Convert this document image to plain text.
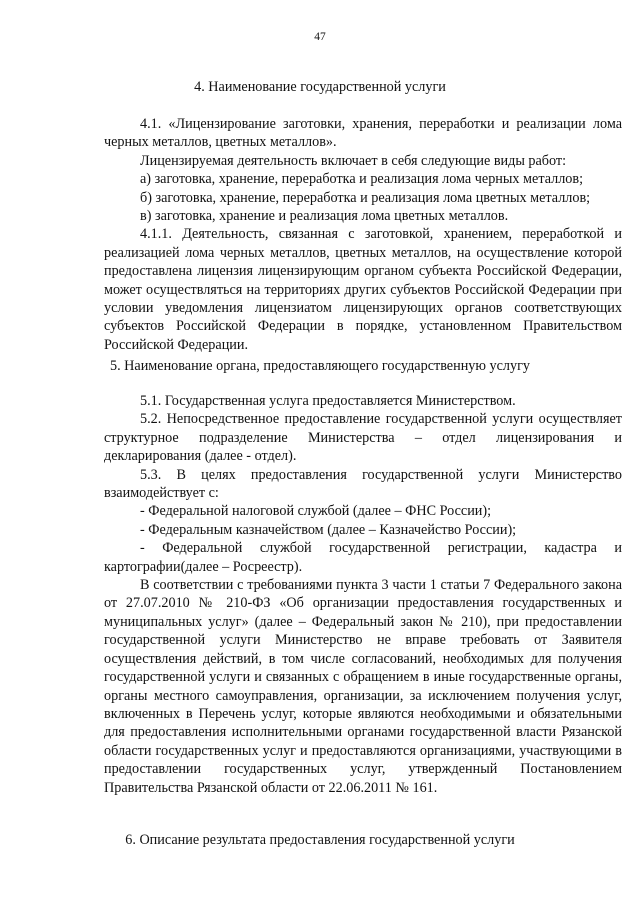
47
4. Наименование государственной услуги

4.1. «Лицензирование заготовки, хранения, переработки и реализации лома черных металлов, цветных металлов».

Лицензируемая деятельность включает в себя следующие виды работ:

а) заготовка, хранение, переработка и реализация лома черных металлов;

б) заготовка, хранение, переработка и реализация лома цветных металлов;

в) заготовка, хранение и реализация лома цветных металлов.

4.1.1. Деятельность, связанная с заготовкой, хранением, переработкой и реализацией лома черных металлов, цветных металлов, на осуществление которой предоставлена лицензия лицензирующим органом субъекта Российской Федерации, может осуществляться на территориях других субъектов Российской Федерации при условии уведомления лицензиатом лицензирующих органов соответствующих субъектов Российской Федерации в порядке, установленном Правительством Российской Федерации.

5. Наименование органа, предоставляющего государственную услугу

5.1. Государственная услуга предоставляется Министерством.

5.2. Непосредственное предоставление государственной услуги осуществляет структурное подразделение Министерства – отдел лицензирования и декларирования (далее - отдел).

5.3. В целях предоставления государственной услуги Министерство взаимодействует с:

- Федеральной налоговой службой (далее – ФНС России);

- Федеральным казначейством (далее – Казначейство России);

- Федеральной службой государственной регистрации, кадастра и картографии(далее – Росреестр).

В соответствии с требованиями пункта 3 части 1 статьи 7 Федерального закона от 27.07.2010 № 210-ФЗ «Об организации предоставления государственных и муниципальных услуг» (далее – Федеральный закон № 210), при предоставлении государственной услуги Министерство не вправе требовать от Заявителя осуществления действий, в том числе согласований, необходимых для получения государственной услуги и связанных с обращением в иные государственные органы, органы местного самоуправления, организации, за исключением получения услуг, включенных в Перечень услуг, которые являются необходимыми и обязательными для предоставления исполнительными органами государственной власти Рязанской области государственных услуг и предоставляются организациями, участвующими в предоставлении государственных услуг, утвержденный Постановлением Правительства Рязанской области от 22.06.2011 № 161.

6. Описание результата предоставления государственной услуги
